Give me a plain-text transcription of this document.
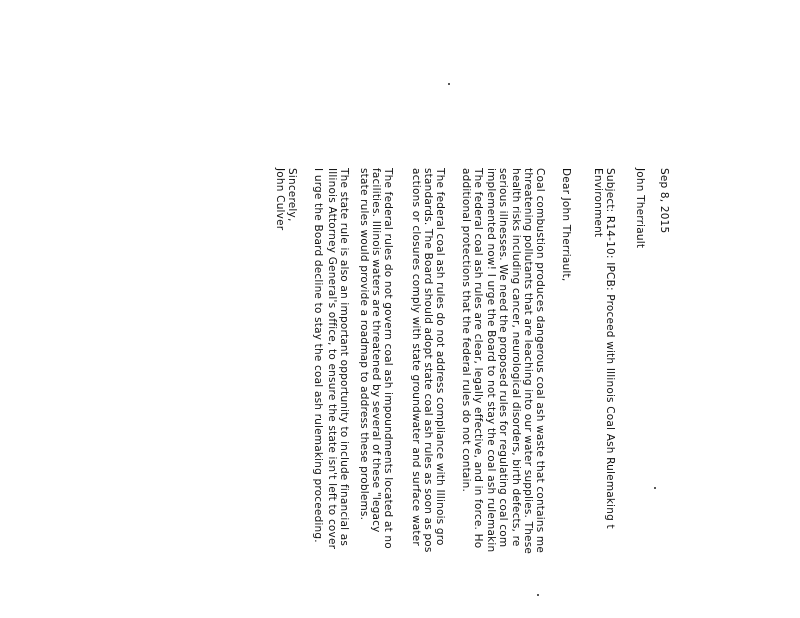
Sep 8, 2015
John Therriault
Subject: R14-10: IPCB: Proceed with Illinois Coal Ash Rulemaking t
Environment
Dear John Therriault,
Coal combustion produces dangerous coal ash waste that contains me
threatening pollutants that are leaching into our water supplies. These
health risks including cancer, neurological disorders, birth defects, re
serious illnesses. We need the proposed rules for regulating coal com
implemented now! I urge the Board to not stay the coal ash rulemakin
The federal coal ash rules are clear, legally effective, and in force. Ho
additional protections that the federal rules do not contain.
The federal coal ash rules do not address compliance with Illinois gro
standards. The Board should adopt state coal ash rules as soon as pos
actions or closures comply with state groundwater and surface water
The federal rules do not govern coal ash impoundments located at no
facilities. Illinois waters are threatened by several of these "legacy
state rules would provide a roadmap to address these problems.
The state rule is also an important opportunity to include financial as
Illinois Attorney General's office, to ensure the state isn't left to cover
I urge the Board decline to stay the coal ash rulemaking proceeding.
Sincerely,
John Culver
